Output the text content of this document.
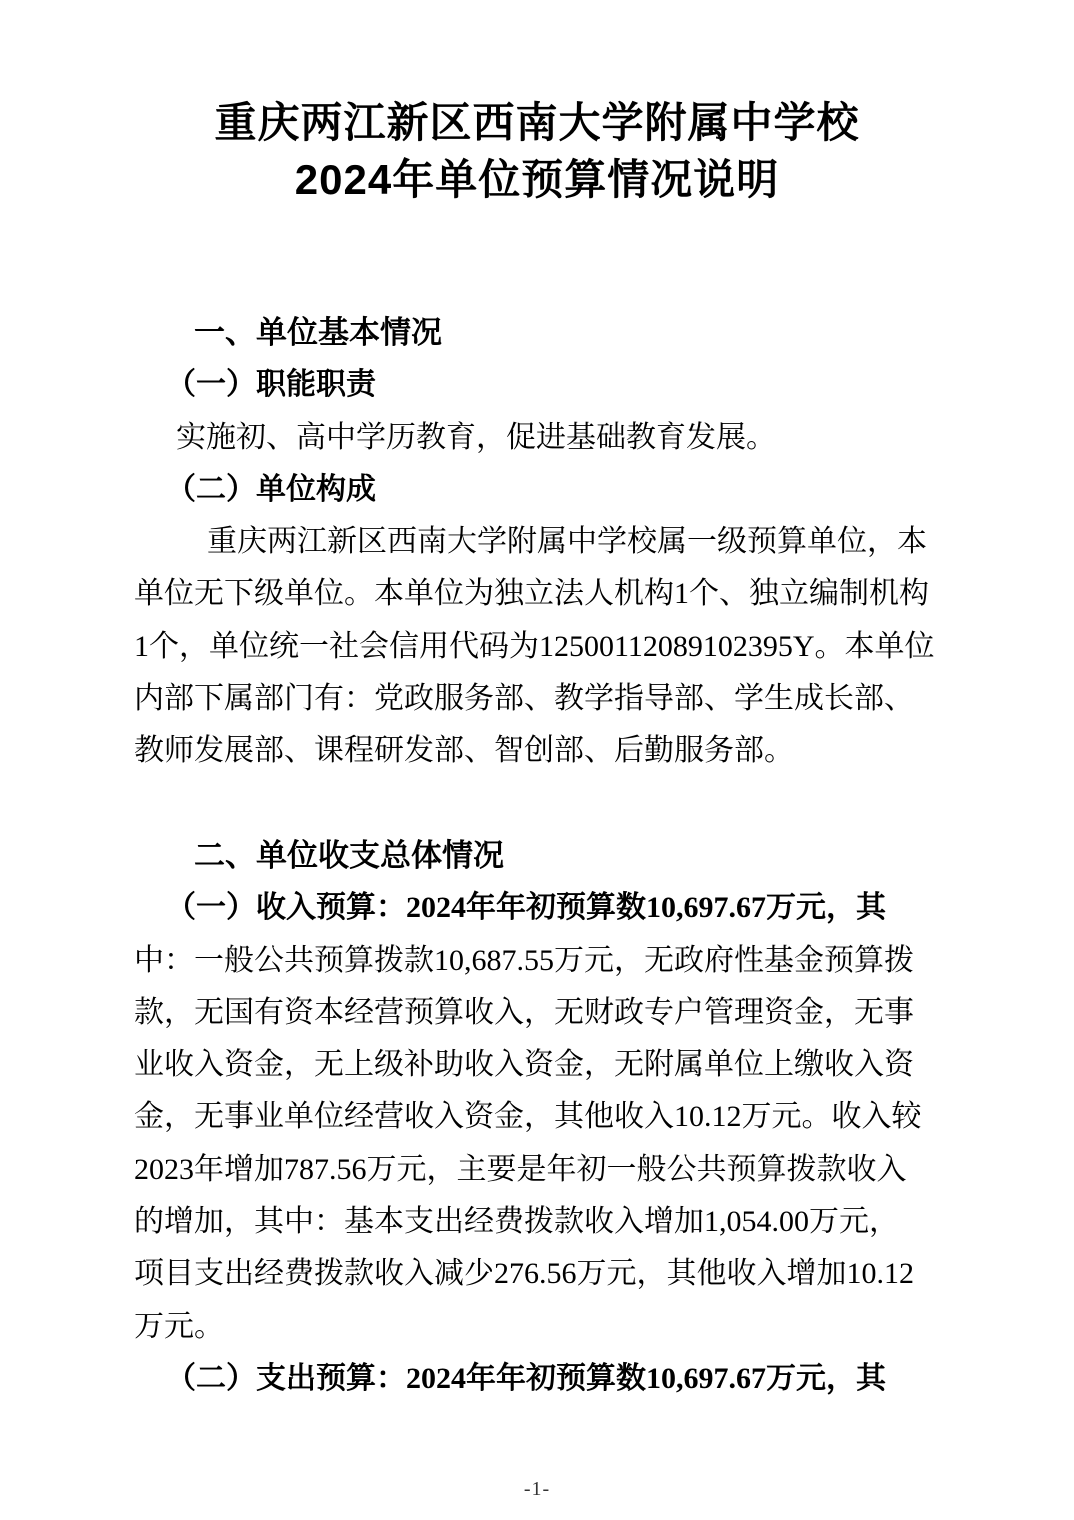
重庆两江新区西南大学附属中学校
2024年单位预算情况说明
一、单位基本情况
（一）职能职责
实施初、高中学历教育，促进基础教育发展。
（二）单位构成
重庆两江新区西南大学附属中学校属一级预算单位，本
单位无下级单位。本单位为独立法人机构1个、独立编制机构
1个，单位统一社会信用代码为12500112089102395Y。本单位
内部下属部门有：党政服务部、教学指导部、学生成长部、
教师发展部、课程研发部、智创部、后勤服务部。
二、单位收支总体情况
（一）收入预算：2024年年初预算数10,697.67万元，其
中：一般公共预算拨款10,687.55万元，无政府性基金预算拨
款，无国有资本经营预算收入，无财政专户管理资金，无事
业收入资金，无上级补助收入资金，无附属单位上缴收入资
金，无事业单位经营收入资金，其他收入10.12万元。收入较
2023年增加787.56万元，主要是年初一般公共预算拨款收入
的增加，其中：基本支出经费拨款收入增加1,054.00万元，
项目支出经费拨款收入减少276.56万元，其他收入增加10.12
万元。
（二）支出预算：2024年年初预算数10,697.67万元，其
-1-
